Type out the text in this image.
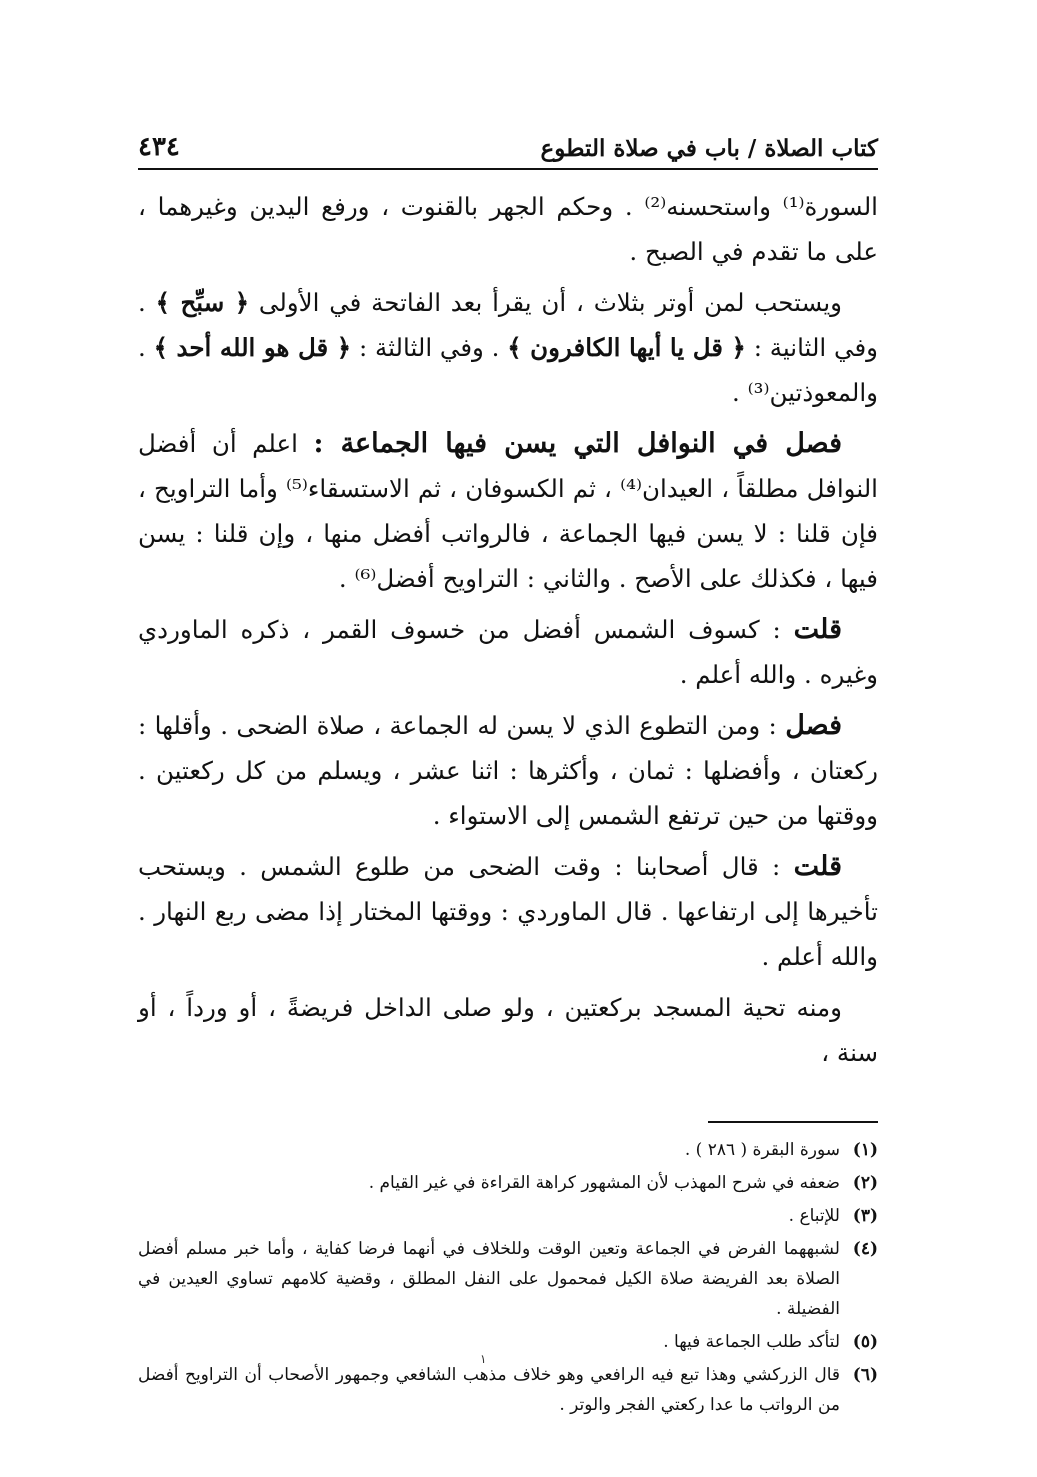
كتاب الصلاة / باب في صلاة التطوع
٤٣٤

السورة⁽¹⁾ واستحسنه⁽²⁾ . وحكم الجهر بالقنوت ، ورفع اليدين وغيرهما ، على ما تقدم في الصبح .

ويستحب لمن أوتر بثلاث ، أن يقرأ بعد الفاتحة في الأولى ﴿ سبِّح ﴾ . وفي الثانية : ﴿ قل يا أيها الكافرون ﴾ . وفي الثالثة : ﴿ قل هو الله أحد ﴾ . والمعوذتين⁽³⁾ .

فصل في النوافل التي يسن فيها الجماعة : اعلم أن أفضل النوافل مطلقاً ، العيدان⁽⁴⁾ ، ثم الكسوفان ، ثم الاستسقاء⁽⁵⁾ وأما التراويح ، فإن قلنا : لا يسن فيها الجماعة ، فالرواتب أفضل منها ، وإن قلنا : يسن فيها ، فكذلك على الأصح . والثاني : التراويح أفضل⁽⁶⁾ .

قلت : كسوف الشمس أفضل من خسوف القمر ، ذكره الماوردي وغيره . والله أعلم .

فصل : ومن التطوع الذي لا يسن له الجماعة ، صلاة الضحى . وأقلها : ركعتان ، وأفضلها : ثمان ، وأكثرها : اثنا عشر ، ويسلم من كل ركعتين . ووقتها من حين ترتفع الشمس إلى الاستواء .

قلت : قال أصحابنا : وقت الضحى من طلوع الشمس . ويستحب تأخيرها إلى ارتفاعها . قال الماوردي : ووقتها المختار إذا مضى ربع النهار . والله أعلم .

ومنه تحية المسجد بركعتين ، ولو صلى الداخل فريضةً ، أو ورداً ، أو سنة ،

(١)
سورة البقرة ( ٢٨٦ ) .
(٢)
ضعفه في شرح المهذب لأن المشهور كراهة القراءة في غير القيام .
(٣)
للإتباع .
(٤)
لشبههما الفرض في الجماعة وتعين الوقت وللخلاف في أنهما فرضا كفاية ، وأما خبر مسلم أفضل الصلاة بعد الفريضة صلاة الكيل فمحمول على النفل المطلق ، وقضية كلامهم تساوي العيدين في الفضيلة .
(٥)
لتأكد طلب الجماعة فيها .
(٦)
قال الزركشي وهذا تبع فيه الرافعي وهو خلاف مذهب الشافعي وجمهور الأصحاب أن التراويح أفضل من الرواتب ما عدا ركعتي الفجر والوتر .
١
